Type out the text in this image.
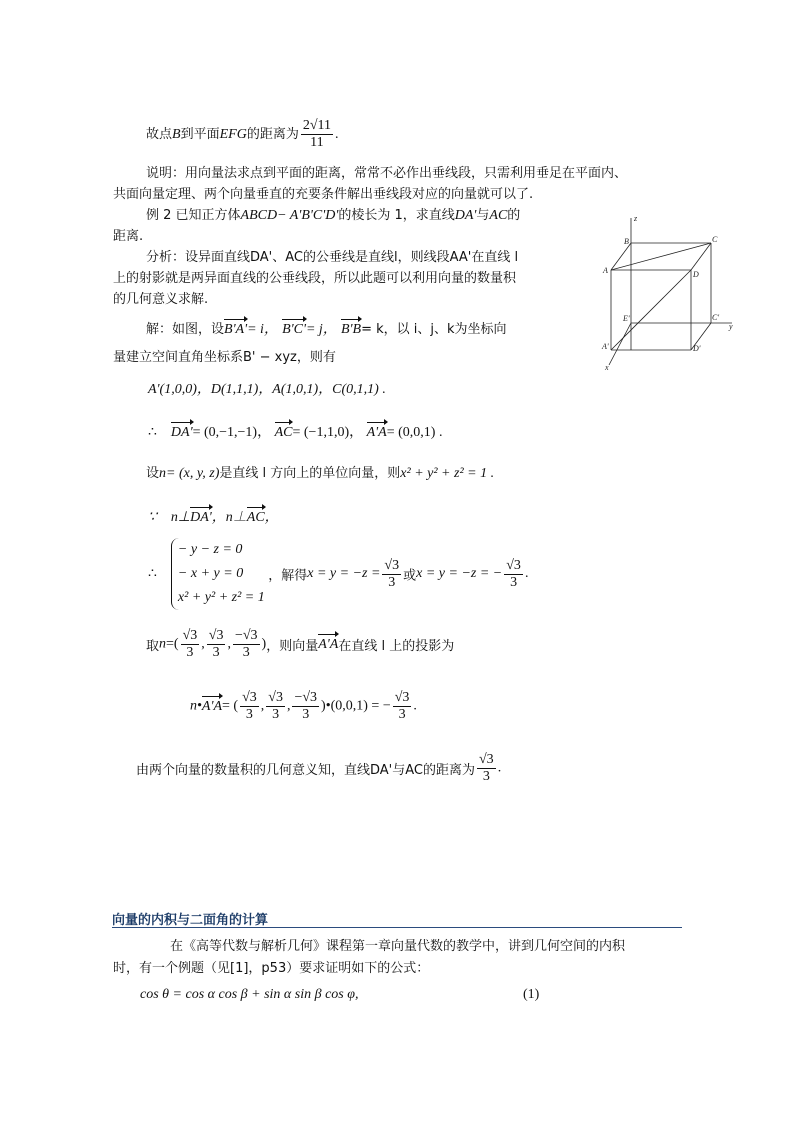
故点B到平面EFG的距离为 $\frac{2√11}{11}$ .
说明：用向量法求点到平面的距离，常常不必作出垂线段，只需利用垂足在平面内、
共面向量定理、两个向量垂直的充要条件解出垂线段对应的向量就可以了.
例 2 已知正方体ABCD− A'B'C'D'的棱长为 1，求直线DA'与AC的
距离.
分析：设异面直线DA'、AC的公垂线是直线l，则线段AA'在直线 l
上的射影就是两异面直线的公垂线段，所以此题可以利用向量的数量积
的几何意义求解.
解：如图，设B'A'= i， B'C'= j， B'B= k，以 i、j、k为坐标向
量建立空间直角坐标系B' − xyz，则有
A'(1,0,0)，D(1,1,1)，A(1,0,1)，C(0,1,1) .
∴ DA'= (0,−1,−1)， AC= (−1,1,0)， A'A= (0,0,1) .
设n= (x, y, z)是直线 l 方向上的单位向量，则x² + y² + z² = 1 .
∵ n⊥DA'，n⊥AC，
∴
− y − z = 0
− x + y = 0
x² + y² + z² = 1
，解得$x = y = -z = \frac{√3}{3}$ 或x = y = −z = − $\frac{√3}{3}$ .
取$n=( \frac{√3}{3}$ , $\frac{√3}{3}$ , $\frac{-√3}{3}$ )，则向量A'A在直线 l 上的投影为
n•A'A= ( $\frac{√3}{3}$ , $\frac{√3}{3}$ , $\frac{-√3}{3}$ )•(0,0,1) = − $\frac{√3}{3}$ .
由两个向量的数量积的几何意义知，直线DA'与AC的距离为 $\frac{√3}{3}$ .
向量的内积与二面角的计算
在《高等代数与解析几何》课程第一章向量代数的教学中，讲到几何空间的内积
时，有一个例题（见[1]，p53）要求证明如下的公式：
cos θ = cos α cos β + sin α sin β cos φ,	(1)
z
B	C
A	D
E'	C'
y
A'	D'
x
